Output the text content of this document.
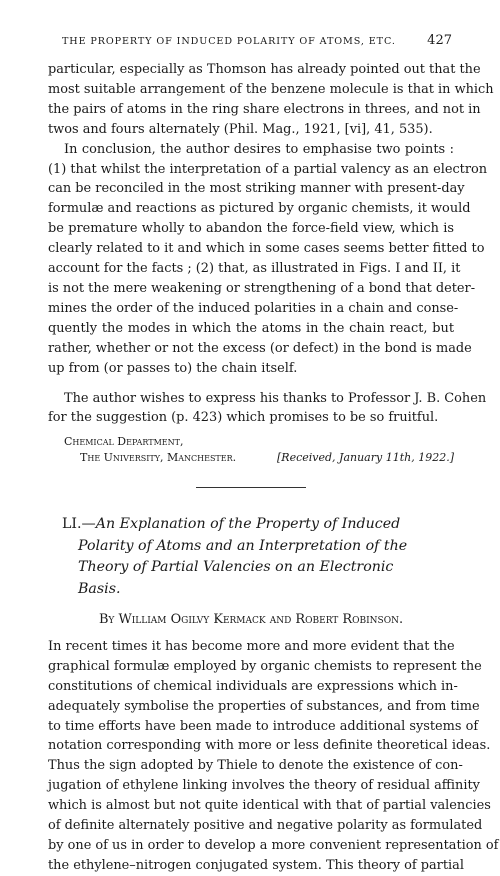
THE PROPERTY OF INDUCED POLARITY OF ATOMS, ETC.	427
particular, especially as Thomson has already pointed out that the
most suitable arrangement of the benzene molecule is that in which
the pairs of atoms in the ring share electrons in threes, and not in
twos and fours alternately (Phil. Mag., 1921, [vi], 41, 535).
In conclusion, the author desires to emphasise two points :
(1) that whilst the interpretation of a partial valency as an electron
can be reconciled in the most striking manner with present-day
formulæ and reactions as pictured by organic chemists, it would
be premature wholly to abandon the force-field view, which is
clearly related to it and which in some cases seems better fitted to
account for the facts ; (2) that, as illustrated in Figs. I and II, it
is not the mere weakening or strengthening of a bond that deter-
mines the order of the induced polarities in a chain and conse-
quently the modes in which the atoms in the chain react, but
rather, whether or not the excess (or defect) in the bond is made
up from (or passes to) the chain itself.
The author wishes to express his thanks to Professor J. B. Cohen
for the suggestion (p. 423) which promises to be so fruitful.
Chemical Department,
The University, Manchester.	[Received, January 11th, 1922.]
LI.—An Explanation of the Property of Induced
Polarity of Atoms and an Interpretation of the
Theory of Partial Valencies on an Electronic
Basis.
By William Ogilvy Kermack and Robert Robinson.
In recent times it has become more and more evident that the
graphical formulæ employed by organic chemists to represent the
constitutions of chemical individuals are expressions which in-
adequately symbolise the properties of substances, and from time
to time efforts have been made to introduce additional systems of
notation corresponding with more or less definite theoretical ideas.
Thus the sign adopted by Thiele to denote the existence of con-
jugation of ethylene linking involves the theory of residual affinity
which is almost but not quite identical with that of partial valencies
of definite alternately positive and negative polarity as formulated
by one of us in order to develop a more convenient representation of
the ethylene–nitrogen conjugated system. This theory of partial
